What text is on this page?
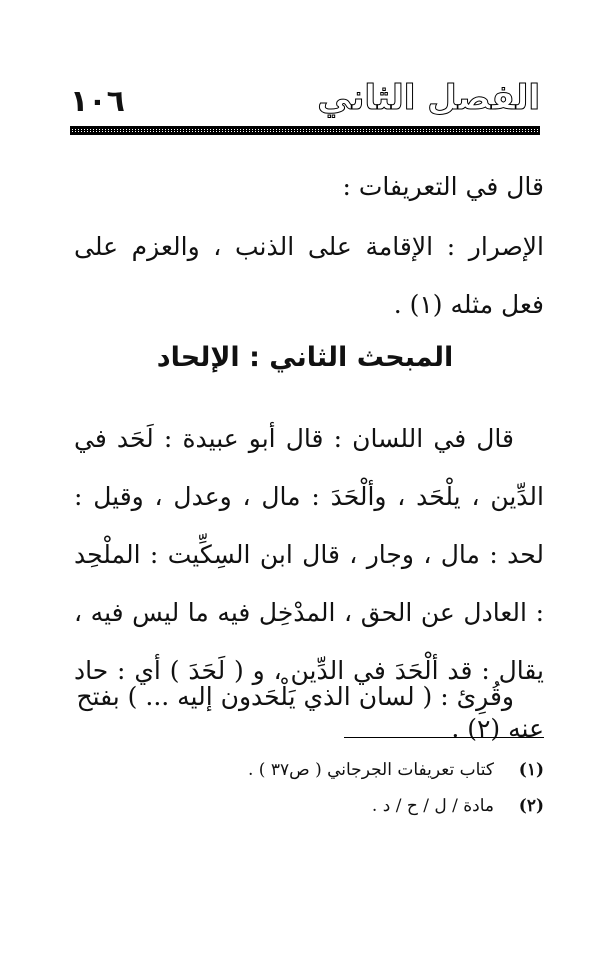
١٠٦	الفصل الثاني
قال في التعريفات :
الإصرار : الإقامة على الذنب ، والعزم على فعل مثله (١) .
المبحث الثاني : الإلحاد
قال في اللسان : قال أبو عبيدة : لَحَد في الدِّين ، يلْحَد ، وألْحَدَ : مال ، وعدل ، وقيل : لحد : مال ، وجار ، قال ابن السِكِّيت : الملْحِد : العادل عن الحق ، المدْخِل فيه ما ليس فيه ، يقال : قد ألْحَدَ في الدِّين ، و ( لَحَدَ ) أي : حاد عنه (٢) .
وقُرِئ : ( لسان الذي يَلْحَدون إليه ... ) بفتح
(١)
كتاب تعريفات الجرجاني ( ص٣٧ ) .
(٢)
مادة / ل / ح / د .
